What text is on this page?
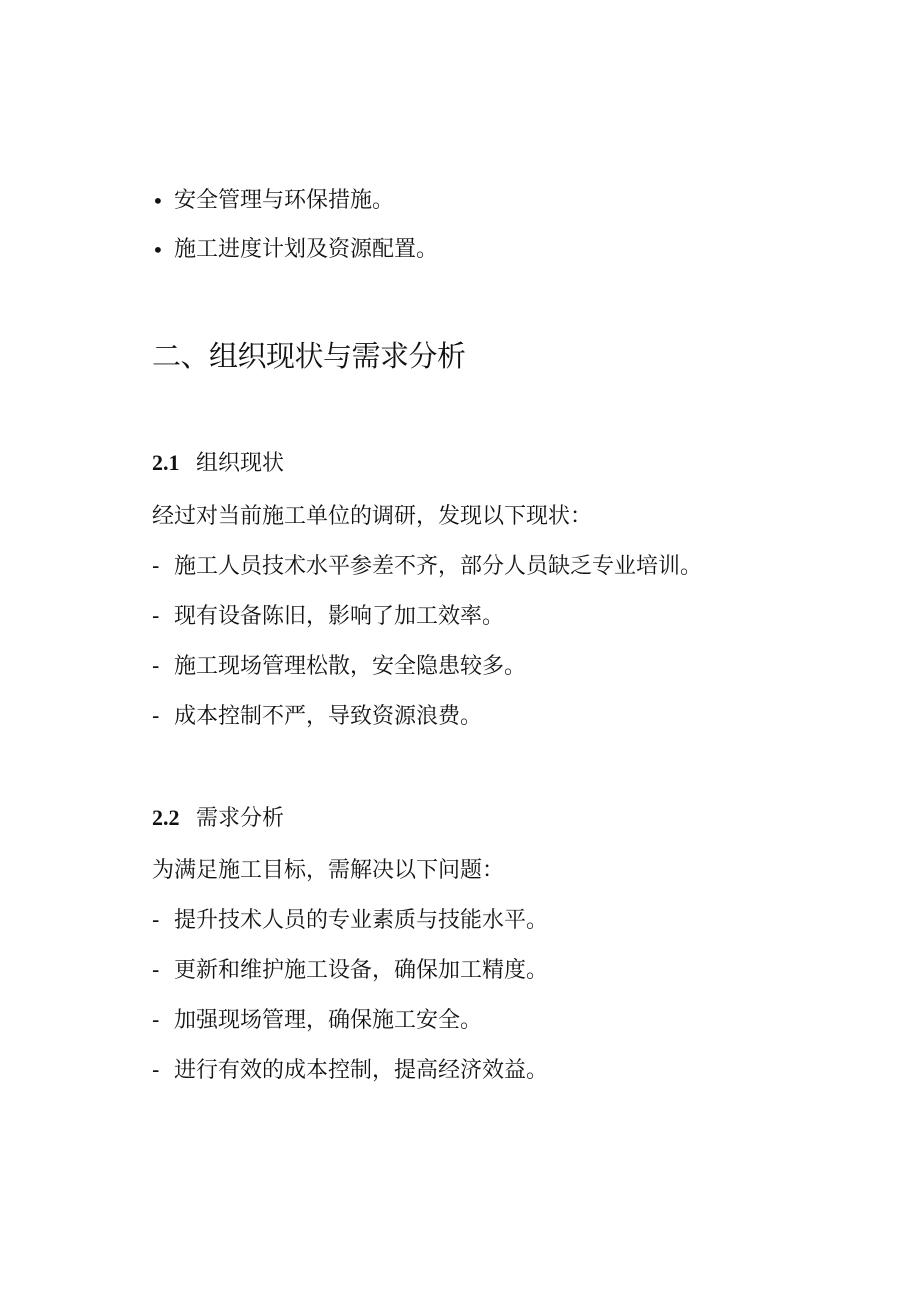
• 安全管理与环保措施。
• 施工进度计划及资源配置。
二、组织现状与需求分析
2.1 组织现状
经过对当前施工单位的调研，发现以下现状：
- 施工人员技术水平参差不齐，部分人员缺乏专业培训。
- 现有设备陈旧，影响了加工效率。
- 施工现场管理松散，安全隐患较多。
- 成本控制不严，导致资源浪费。
2.2 需求分析
为满足施工目标，需解决以下问题：
- 提升技术人员的专业素质与技能水平。
- 更新和维护施工设备，确保加工精度。
- 加强现场管理，确保施工安全。
- 进行有效的成本控制，提高经济效益。
